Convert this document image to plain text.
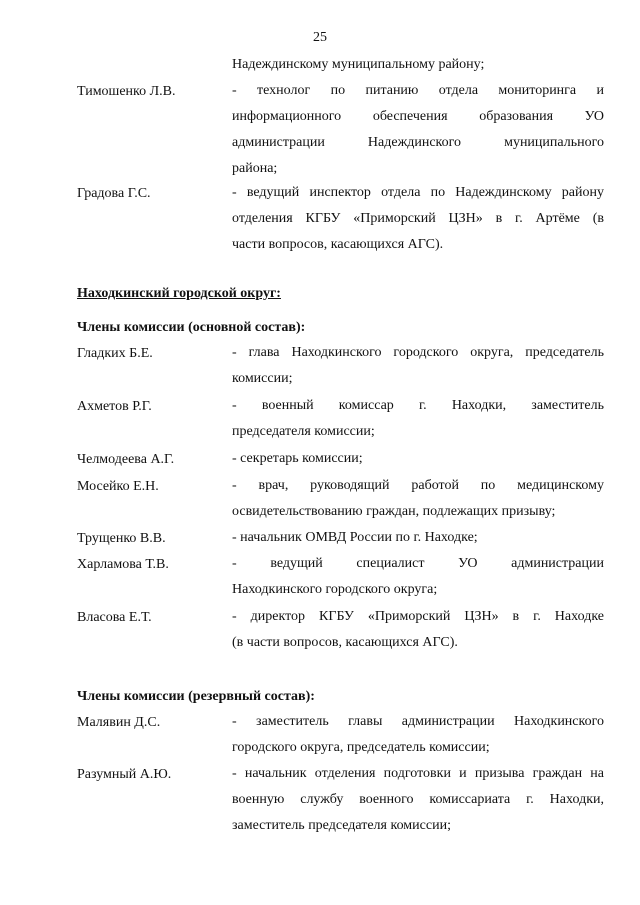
25
Надеждинскому муниципальному району;
Тимошенко Л.В.	- технолог по питанию отдела мониторинга и
информационного обеспечения образования УО
администрации Надеждинского муниципального
района;
Градова Г.С.	- ведущий инспектор отдела по Надеждинскому району
отделения КГБУ «Приморский ЦЗН» в г. Артёме (в
части вопросов, касающихся АГС).
Находкинский городской округ:
Члены комиссии (основной состав):
Гладких Б.Е.	- глава Находкинского городского округа, председатель
комиссии;
Ахметов Р.Г.	- военный комиссар г. Находки, заместитель
председателя комиссии;
Челмодеева А.Г.	- секретарь комиссии;
Мосейко Е.Н.	- врач, руководящий работой по медицинскому
освидетельствованию граждан, подлежащих призыву;
Трущенко В.В.	- начальник ОМВД России по г. Находке;
Харламова Т.В.	- ведущий специалист УО администрации
Находкинского городского округа;
Власова Е.Т.	- директор КГБУ «Приморский ЦЗН» в г. Находке
(в части вопросов, касающихся АГС).
Члены комиссии (резервный состав):
Малявин Д.С.	- заместитель главы администрации Находкинского
городского округа, председатель комиссии;
Разумный А.Ю.	- начальник отделения подготовки и призыва граждан на
военную службу военного комиссариата г. Находки,
заместитель председателя комиссии;
